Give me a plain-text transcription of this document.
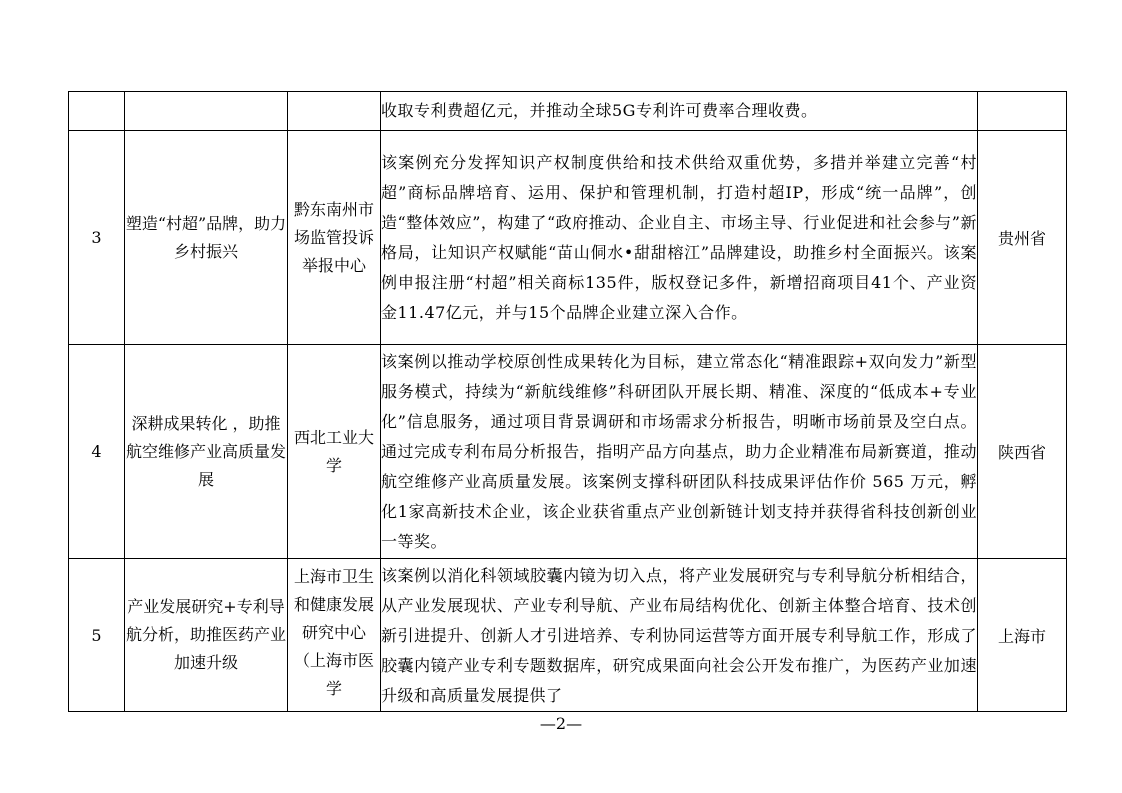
			收取专利费超亿元，并推动全球5G专利许可费率合理收费。	
3	塑造“村超”品牌，助力乡村振兴	黔东南州市场监管投诉举报中心	该案例充分发挥知识产权制度供给和技术供给双重优势，多措并举建立完善“村超”商标品牌培育、运用、保护和管理机制，打造村超IP，形成“统一品牌”，创造“整体效应”，构建了“政府推动、企业自主、市场主导、行业促进和社会参与”新格局，让知识产权赋能“苗山侗水•甜甜榕江”品牌建设，助推乡村全面振兴。该案例申报注册“村超”相关商标135件，版权登记多件，新增招商项目41个、产业资金11.47亿元，并与15个品牌企业建立深入合作。	贵州省
4	深耕成果转化 ，助推航空维修产业高质量发展	西北工业大学	该案例以推动学校原创性成果转化为目标，建立常态化“精准跟踪+双向发力”新型服务模式，持续为“新航线维修”科研团队开展长期、精准、深度的“低成本+专业化”信息服务，通过项目背景调研和市场需求分析报告，明晰市场前景及空白点。通过完成专利布局分析报告，指明产品方向基点，助力企业精准布局新赛道，推动航空维修产业高质量发展。该案例支撑科研团队科技成果评估作价 565 万元，孵化1家高新技术企业，该企业获省重点产业创新链计划支持并获得省科技创新创业一等奖。	陕西省
5	产业发展研究+专利导航分析，助推医药产业加速升级	上海市卫生和健康发展研究中心（上海市医学	该案例以消化科领域胶囊内镜为切入点，将产业发展研究与专利导航分析相结合，从产业发展现状、产业专利导航、产业布局结构优化、创新主体整合培育、技术创新引进提升、创新人才引进培养、专利协同运营等方面开展专利导航工作，形成了胶囊内镜产业专利专题数据库，研究成果面向社会公开发布推广，为医药产业加速升级和高质量发展提供了	上海市
—2—
